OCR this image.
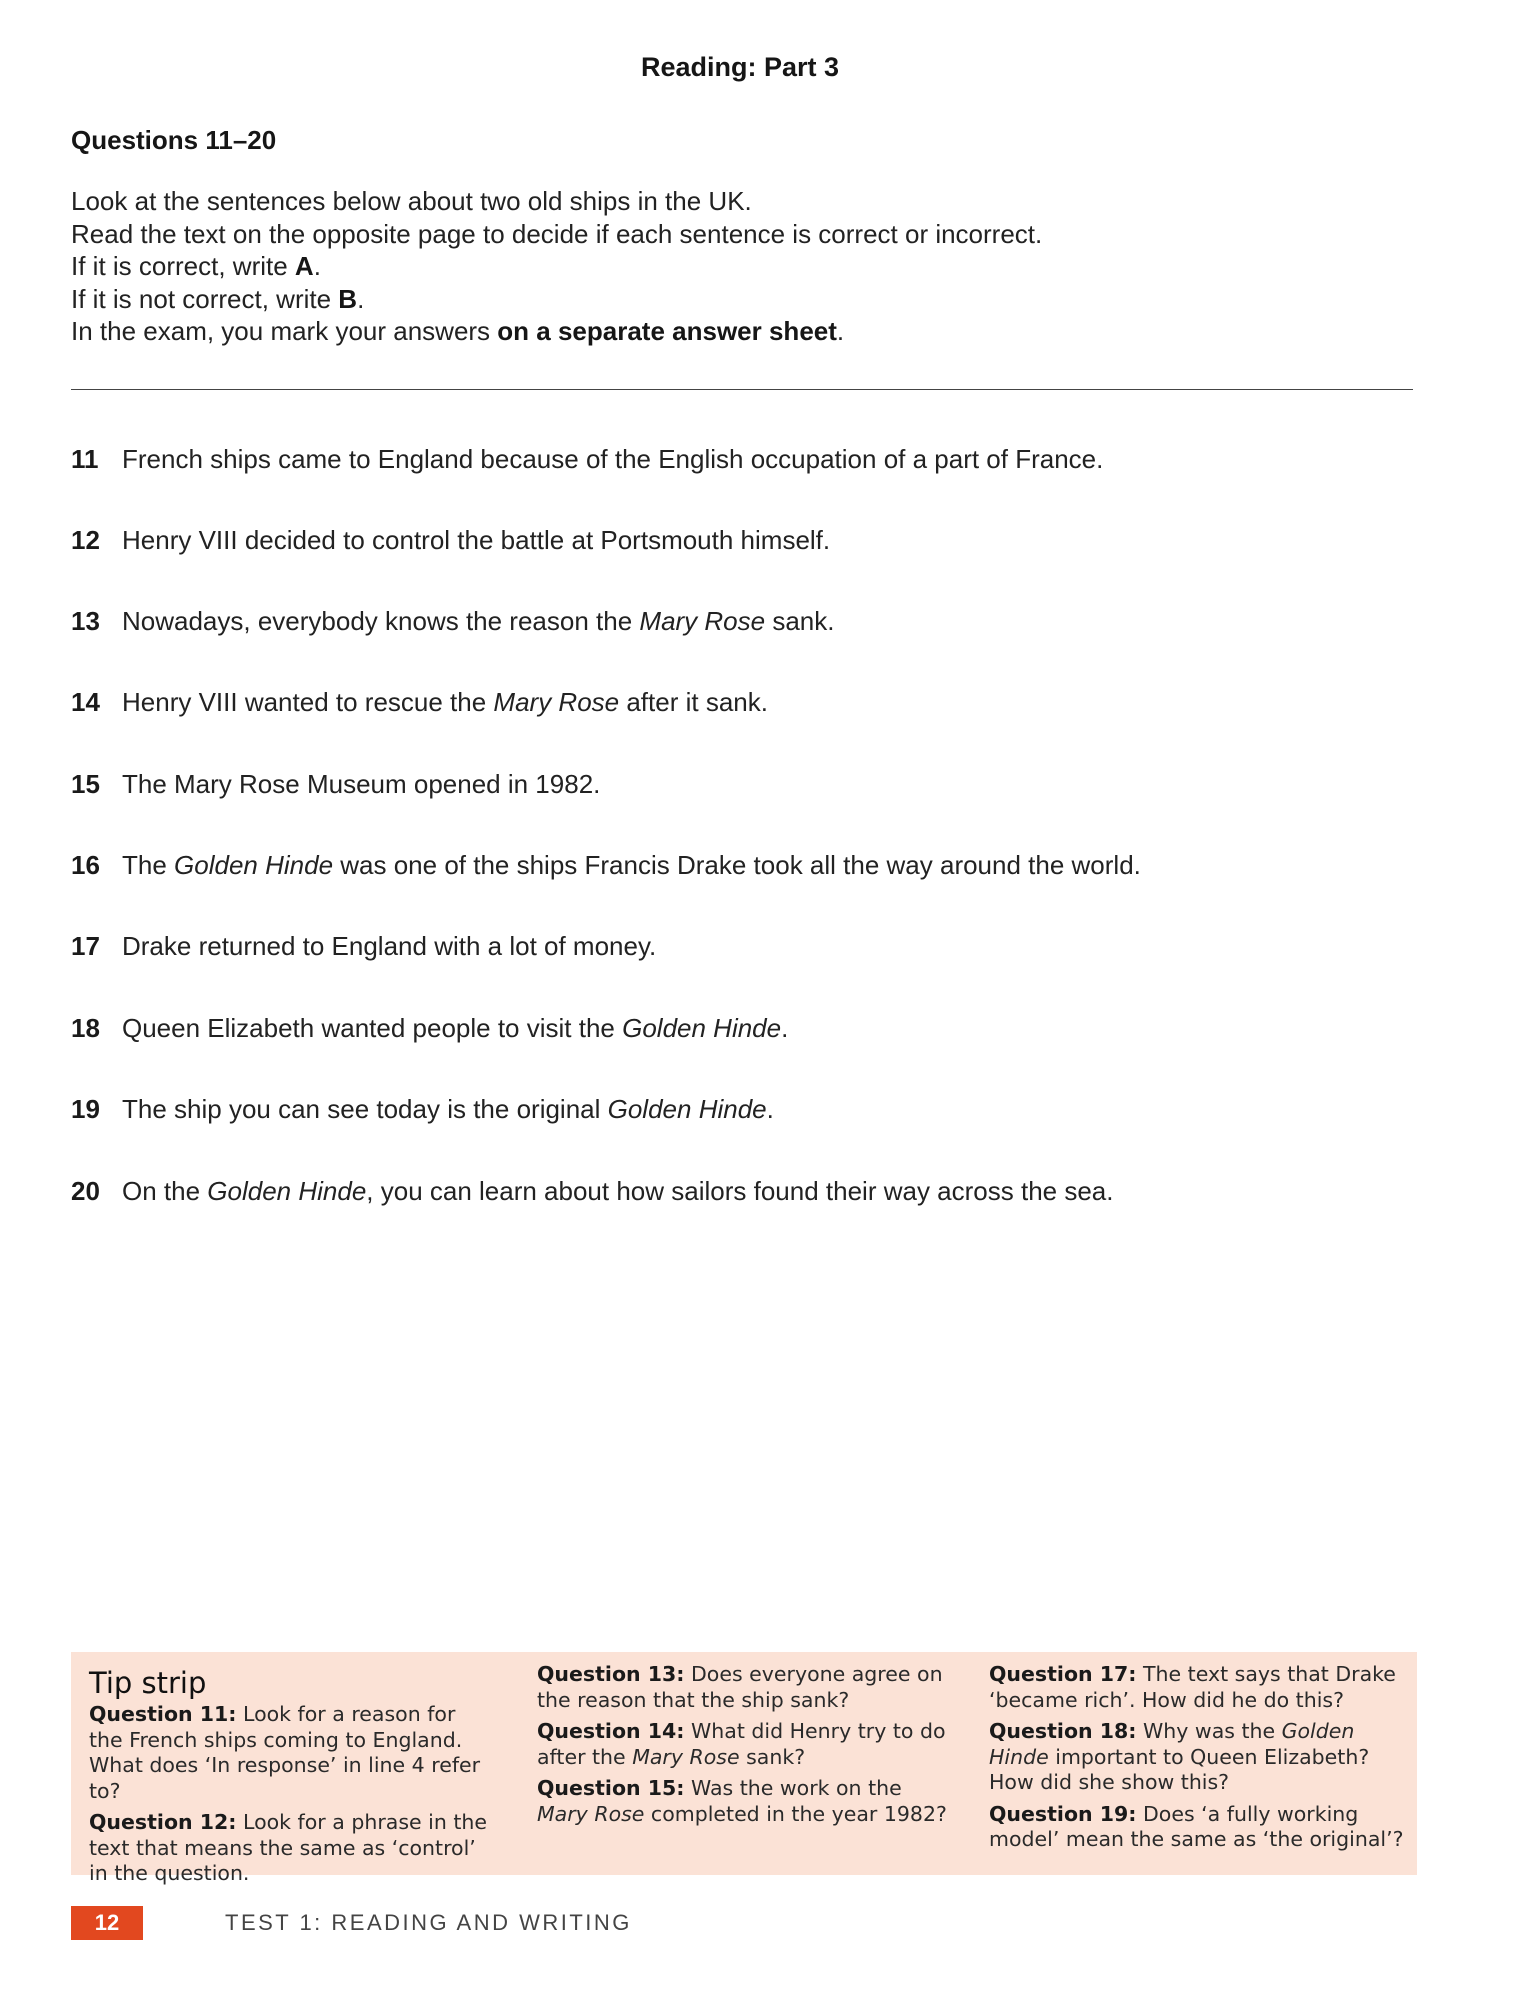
Reading: Part 3
Questions 11–20

Look at the sentences below about two old ships in the UK.

Read the text on the opposite page to decide if each sentence is correct or incorrect.

If it is correct, write A.

If it is not correct, write B.

In the exam, you mark your answers on a separate answer sheet.

11 French ships came to England because of the English occupation of a part of France.
12 Henry VIII decided to control the battle at Portsmouth himself.
13 Nowadays, everybody knows the reason the Mary Rose sank.
14 Henry VIII wanted to rescue the Mary Rose after it sank.
15 The Mary Rose Museum opened in 1982.
16 The Golden Hinde was one of the ships Francis Drake took all the way around the world.
17 Drake returned to England with a lot of money.
18 Queen Elizabeth wanted people to visit the Golden Hinde.
19 The ship you can see today is the original Golden Hinde.
20 On the Golden Hinde, you can learn about how sailors found their way across the sea.
Tip strip

Question 11: Look for a reason for the French ships coming to England. What does ‘In response’ in line 4 refer to?

Question 12: Look for a phrase in the text that means the same as ‘control’ in the question.

Question 13: Does everyone agree on the reason that the ship sank?

Question 14: What did Henry try to do after the Mary Rose sank?

Question 15: Was the work on the Mary Rose completed in the year 1982?

Question 17: The text says that Drake ‘became rich’. How did he do this?

Question 18: Why was the Golden Hinde important to Queen Elizabeth? How did she show this?

Question 19: Does ‘a fully working model’ mean the same as ‘the original’?

12	TEST 1: READING AND WRITING
